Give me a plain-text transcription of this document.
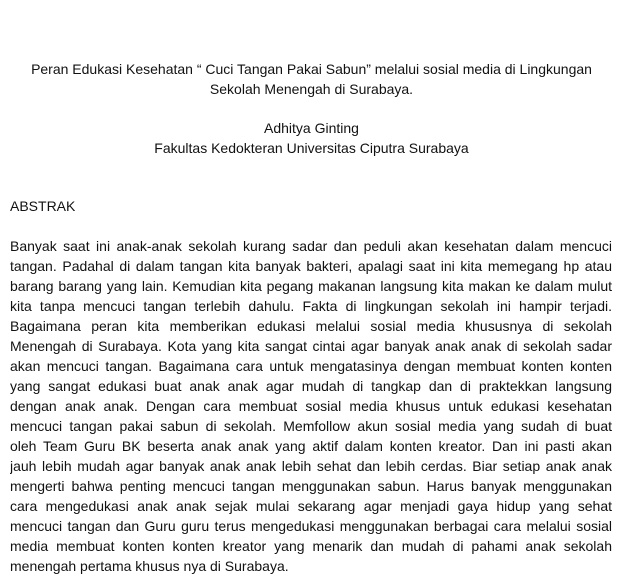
Peran Edukasi Kesehatan “ Cuci Tangan Pakai Sabun” melalui sosial media di Lingkungan
Sekolah Menengah di Surabaya.
Adhitya Ginting
Fakultas Kedokteran Universitas Ciputra Surabaya
ABSTRAK
Banyak saat ini anak-anak sekolah kurang sadar dan peduli akan kesehatan dalam mencuci
tangan. Padahal di dalam tangan kita banyak bakteri, apalagi saat ini kita memegang hp atau
barang barang yang lain. Kemudian kita pegang makanan langsung kita makan ke dalam mulut
kita tanpa mencuci tangan terlebih dahulu. Fakta di lingkungan sekolah ini hampir terjadi.
Bagaimana peran kita memberikan edukasi melalui sosial media khususnya di sekolah
Menengah di Surabaya. Kota yang kita sangat cintai agar banyak anak anak di sekolah sadar
akan mencuci tangan. Bagaimana cara untuk mengatasinya dengan membuat konten konten
yang sangat edukasi buat anak anak agar mudah di tangkap dan di praktekkan langsung
dengan anak anak. Dengan cara membuat sosial media khusus untuk edukasi kesehatan
mencuci tangan pakai sabun di sekolah. Memfollow akun sosial media yang sudah di buat
oleh Team Guru BK beserta anak anak yang aktif dalam konten kreator. Dan ini pasti akan
jauh lebih mudah agar banyak anak anak lebih sehat dan lebih cerdas. Biar setiap anak anak
mengerti bahwa penting mencuci tangan menggunakan sabun. Harus banyak menggunakan
cara mengedukasi anak anak sejak mulai sekarang agar menjadi gaya hidup yang sehat
mencuci tangan dan Guru guru terus mengedukasi menggunakan berbagai cara melalui sosial
media membuat konten konten kreator yang menarik dan mudah di pahami anak sekolah
menengah pertama khusus nya di Surabaya.
